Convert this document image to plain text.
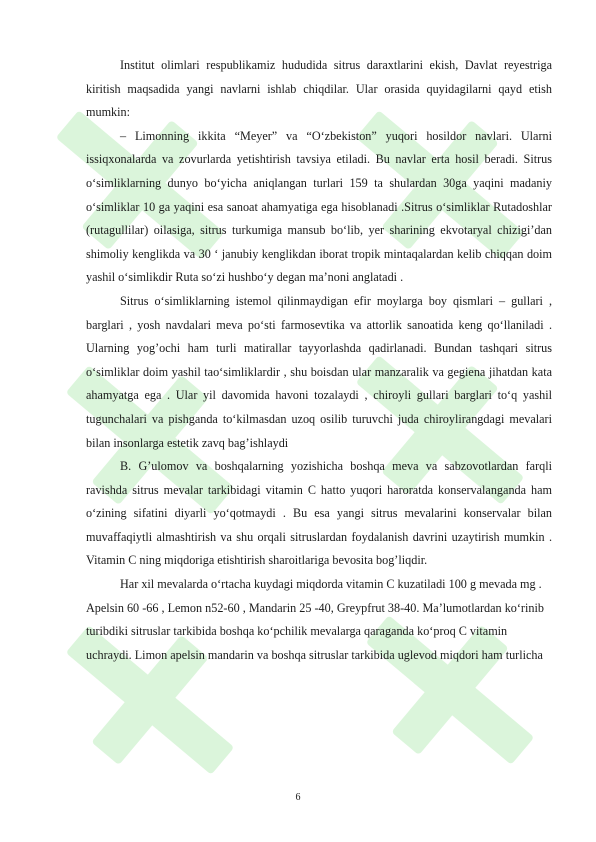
Institut olimlari respublikamiz hududida sitrus daraxtlarini ekish, Davlat reyestriga kiritish maqsadida yangi navlarni ishlab chiqdilar. Ular orasida quyidagilarni qayd etish mumkin:

– Limonning ikkita “Meyer” va “O‘zbekiston” yuqori hosildor navlari. Ularni issiqxonalarda va zovurlarda yetishtirish tavsiya etiladi. Bu navlar erta hosil beradi. Sitrus o‘simliklarning dunyo bo‘yicha aniqlangan turlari 159 ta shulardan 30ga yaqini madaniy o‘simliklar 10 ga yaqini esa sanoat ahamyatiga ega hisoblanadi .Sitrus o‘simliklar Rutadoshlar (rutagullilar) oilasiga, sitrus turkumiga mansub bo‘lib, yer sharining ekvotaryal chizigi’dan shimoliy kenglikda va 30 ‘ janubiy kenglikdan iborat tropik mintaqalardan kelib chiqqan doim yashil o‘simlikdir Ruta so‘zi hushbo‘y degan ma’noni anglatadi .

Sitrus o‘simliklarning istemol qilinmaydigan efir moylarga boy qismlari – gullari , barglari , yosh navdalari meva po‘sti farmosevtika va attorlik sanoatida keng qo‘llaniladi . Ularning yog’ochi ham turli matirallar tayyorlashda qadirlanadi. Bundan tashqari sitrus o‘simliklar doim yashil tao‘simliklardir , shu boisdan ular manzaralik va gegiena jihatdan kata ahamyatga ega . Ular yil davomida havoni tozalaydi , chiroyli gullari barglari to‘q yashil tugunchalari va pishganda to‘kilmasdan uzoq osilib turuvchi juda chiroylirangdagi mevalari bilan insonlarga estetik zavq bag’ishlaydi

B. G’ulomov va boshqalarning yozishicha boshqa meva va sabzovotlardan farqli ravishda sitrus mevalar tarkibidagi vitamin C hatto yuqori haroratda konservalanganda ham o‘zining sifatini diyarli yo‘qotmaydi . Bu esa yangi sitrus mevalarini konservalar bilan muvaffaqiytli almashtirish va shu orqali sitruslardan foydalanish davrini uzaytirish mumkin . Vitamin C ning miqdoriga etishtirish sharoitlariga bevosita bog’liqdir.

Har xil mevalarda o‘rtacha kuydagi miqdorda vitamin C kuzatiladi 100 g mevada mg . Apelsin 60 -66 , Lemon n52-60 , Mandarin 25 -40, Greypfrut 38-40. Ma’lumotlardan ko‘rinib turibdiki sitruslar tarkibida boshqa ko‘pchilik mevalarga qaraganda ko‘proq C vitamin uchraydi. Limon apelsin mandarin va boshqa sitruslar tarkibida uglevod miqdori ham turlicha

6
